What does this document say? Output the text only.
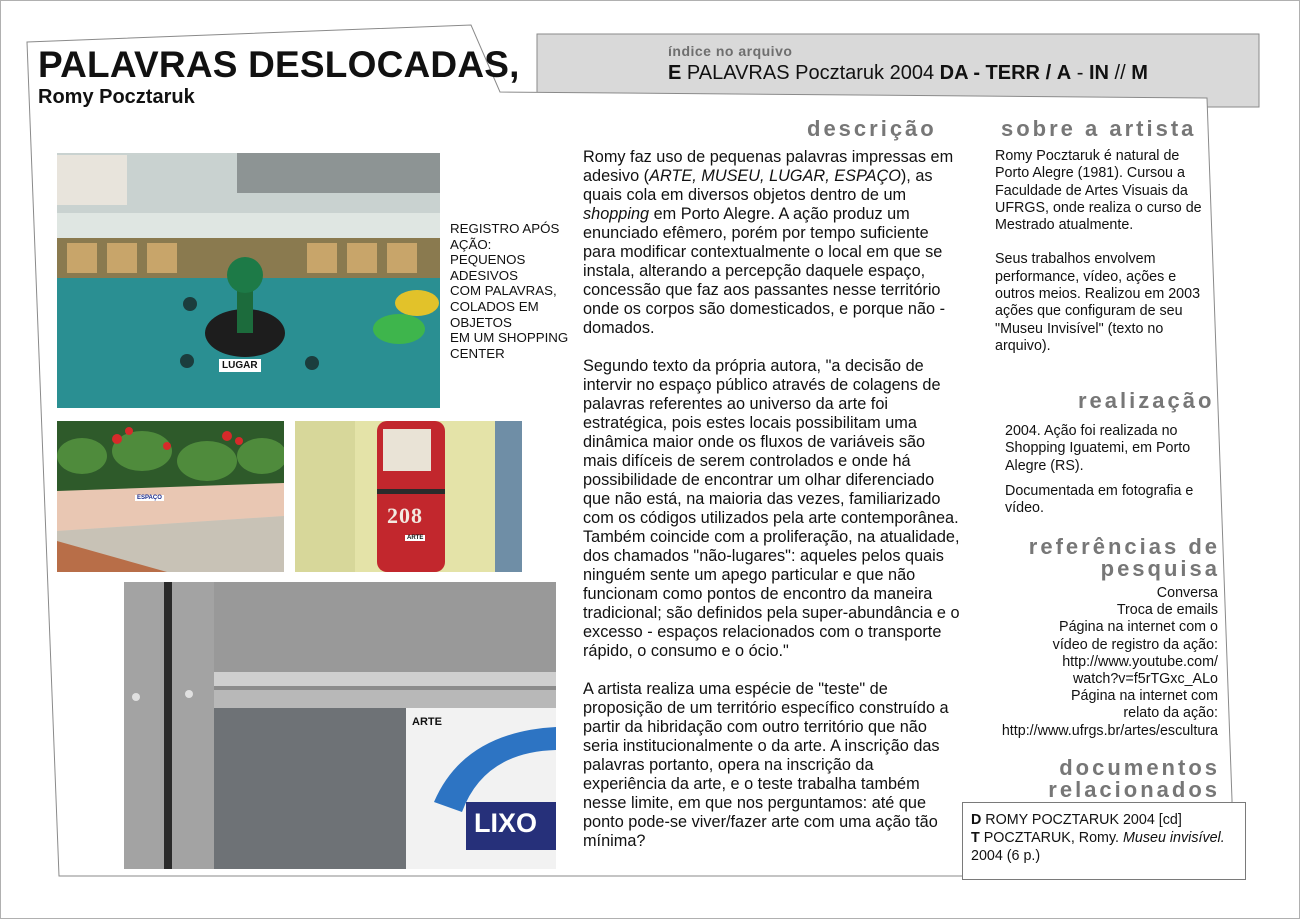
PALAVRAS DESLOCADAS,
Romy Pocztaruk
índice no arquivo
E PALAVRAS Pocztaruk 2004 DA - TERR / A - IN // M
LUGAR
ESPAÇO
208
ARTE
ARTE
LIXO
REGISTRO APÓS
AÇÃO:
PEQUENOS
ADESIVOS
COM PALAVRAS,
COLADOS EM
OBJETOS
EM UM SHOPPING
CENTER
descrição

Romy faz uso de pequenas palavras impressas em adesivo (ARTE, MUSEU, LUGAR, ESPAÇO), as quais cola em diversos objetos dentro de um shopping em Porto Alegre. A ação produz um enunciado efêmero, porém por tempo suficiente para modificar contextualmente o local em que se instala, alterando a percepção daquele espaço, concessão que faz aos passantes nesse território onde os corpos são domesticados, e porque não - domados.

Segundo texto da própria autora, "a decisão de intervir no espaço público através de colagens de palavras referentes ao universo da arte foi estratégica, pois estes locais possibilitam uma dinâmica maior onde os fluxos de variáveis são mais difíceis de serem controlados e onde há possibilidade de encontrar um olhar diferenciado que não está, na maioria das vezes, familiarizado com os códigos utilizados pela arte contemporânea. Também coincide com a proliferação, na atualidade, dos chamados "não-lugares": aqueles pelos quais ninguém sente um apego particular e que não funcionam como pontos de encontro da maneira tradicional; são definidos pela super-abundância e o excesso - espaços relacionados com o transporte rápido, o consumo e o ócio."

A artista realiza uma espécie de "teste" de proposição de um território específico construído a partir da hibridação com outro território que não seria institucionalmente o da arte. A inscrição das palavras portanto, opera na inscrição da experiência da arte, e o teste trabalha também nesse limite, em que nos perguntamos: até que ponto pode-se viver/fazer arte com uma ação tão mínima?

sobre a artista

Romy Pocztaruk é natural de Porto Alegre (1981). Cursou a Faculdade de Artes Visuais da UFRGS, onde realiza o curso de Mestrado atualmente.

Seus trabalhos envolvem performance, vídeo, ações e outros meios. Realizou em 2003 ações que configuram de seu "Museu Invisível" (texto no arquivo).

realização

2004. Ação foi realizada no Shopping Iguatemi, em Porto Alegre (RS).

Documentada em fotografia e vídeo.

referências de
pesquisa
Conversa
Troca de emails
Página na internet com o
vídeo de registro da ação:
http://www.youtube.com/
watch?v=f5rTGxc_ALo
Página na internet com
relato da ação:
http://www.ufrgs.br/artes/escultura
documentos
relacionados
D ROMY POCZTARUK 2004 [cd]
T POCZTARUK, Romy. Museu invisível.
2004 (6 p.)
